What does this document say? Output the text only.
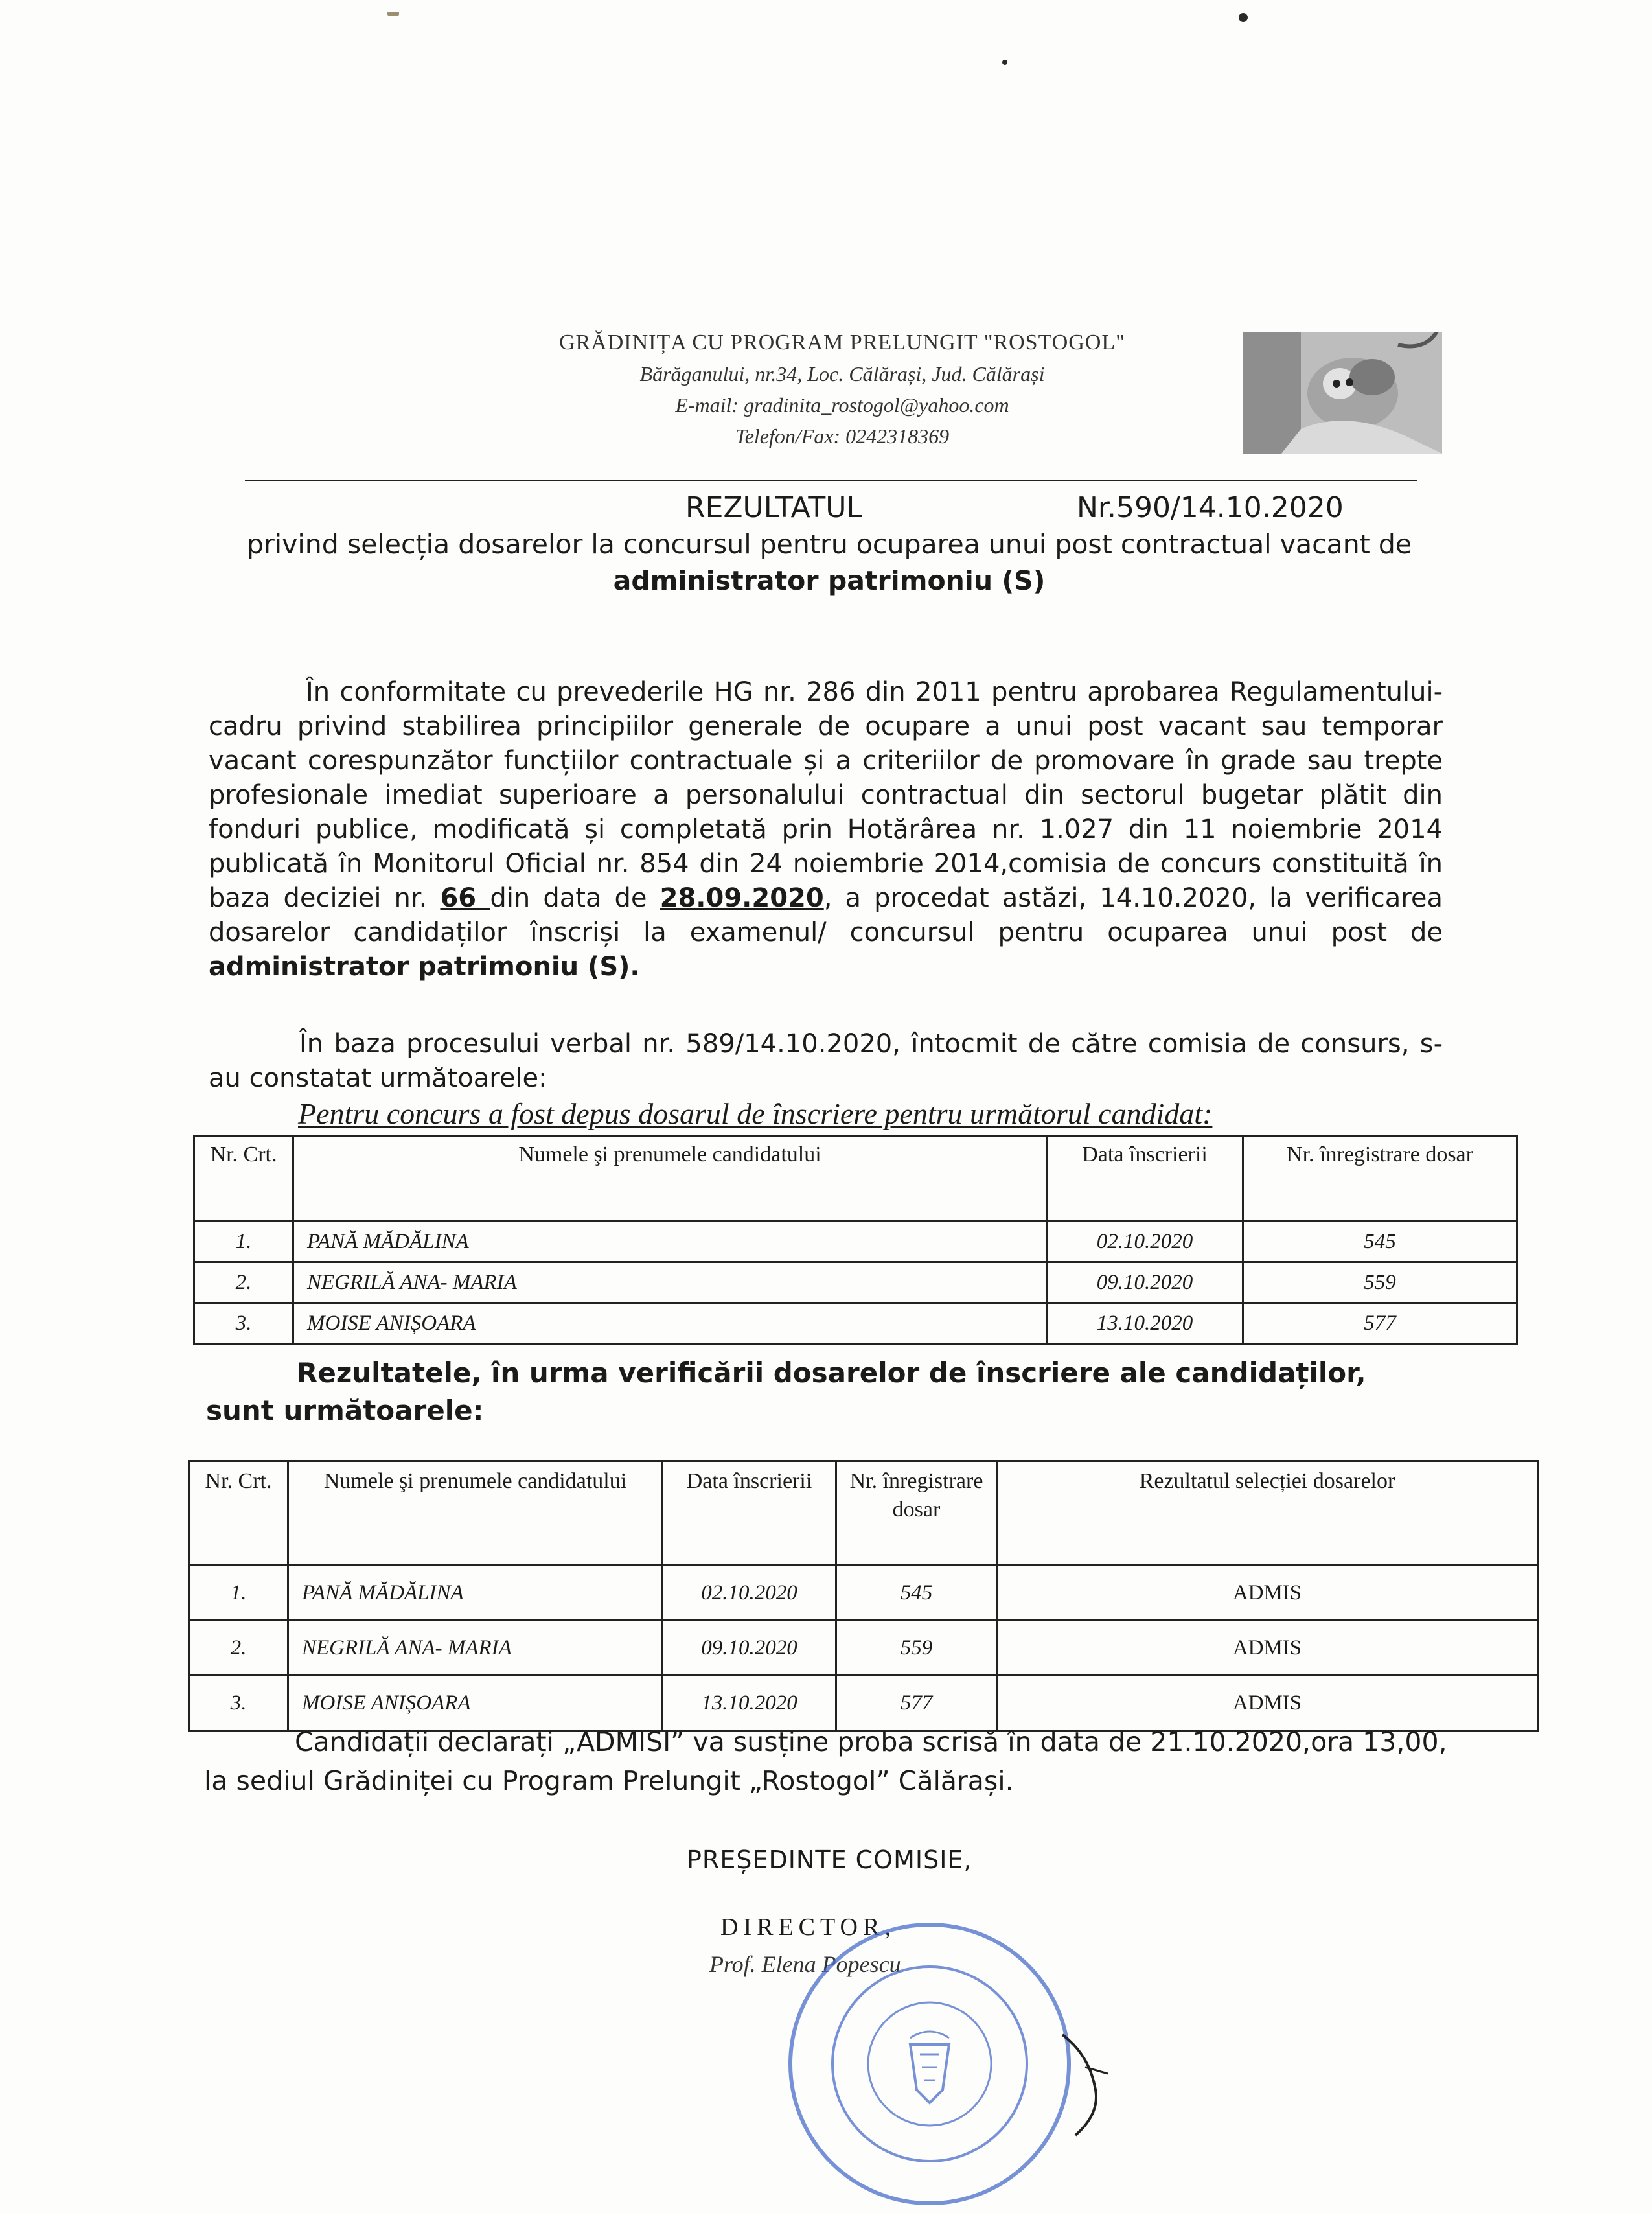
GRĂDINIȚA CU PROGRAM PRELUNGIT "ROSTOGOL"
Bărăganului, nr.34, Loc. Călărași, Jud. Călărași
E-mail: gradinita_rostogol@yahoo.com
Telefon/Fax: 0242318369
REZULTATUL	Nr.590/14.10.2020
privind selecția dosarelor la concursul pentru ocuparea unui post contractual vacant de
administrator patrimoniu (S)
În conformitate cu prevederile HG nr. 286 din 2011 pentru aprobarea Regulamentului-cadru privind stabilirea principiilor generale de ocupare a unui post vacant sau temporar vacant corespunzător funcțiilor contractuale și a criteriilor de promovare în grade sau trepte profesionale imediat superioare a personalului contractual din sectorul bugetar plătit din fonduri publice, modificată și completată prin Hotărârea nr. 1.027 din 11 noiembrie 2014 publicată în Monitorul Oficial nr. 854 din 24 noiembrie 2014,comisia de concurs constituită în baza deciziei nr. 66 din data de 28.09.2020, a procedat astăzi, 14.10.2020, la verificarea dosarelor candidaților înscriși la examenul/ concursul pentru ocuparea unui post de administrator patrimoniu (S).
În baza procesului verbal nr. 589/14.10.2020, întocmit de către comisia de consurs, s-au constatat următoarele:
Pentru concurs a fost depus dosarul de înscriere pentru următorul candidat:
Nr. Crt.	Numele şi prenumele candidatului	Data înscrierii	Nr. înregistrare dosar
1.	PANĂ MĂDĂLINA	02.10.2020	545
2.	NEGRILĂ ANA- MARIA	09.10.2020	559
3.	MOISE ANIȘOARA	13.10.2020	577
Rezultatele, în urma verificării dosarelor de înscriere ale candidaților, sunt următoarele:
Nr. Crt.	Numele şi prenumele candidatului	Data înscrierii	Nr. înregistrare dosar	Rezultatul selecției dosarelor
1.	PANĂ MĂDĂLINA	02.10.2020	545	ADMIS
2.	NEGRILĂ ANA- MARIA	09.10.2020	559	ADMIS
3.	MOISE ANIȘOARA	13.10.2020	577	ADMIS
Candidații declarați „ADMISI” va susține proba scrisă în data de 21.10.2020,ora 13,00, la sediul Grădiniței cu Program Prelungit „Rostogol” Călărași.
PREȘEDINTE COMISIE,
DIRECTOR,
Prof. Elena Popescu
